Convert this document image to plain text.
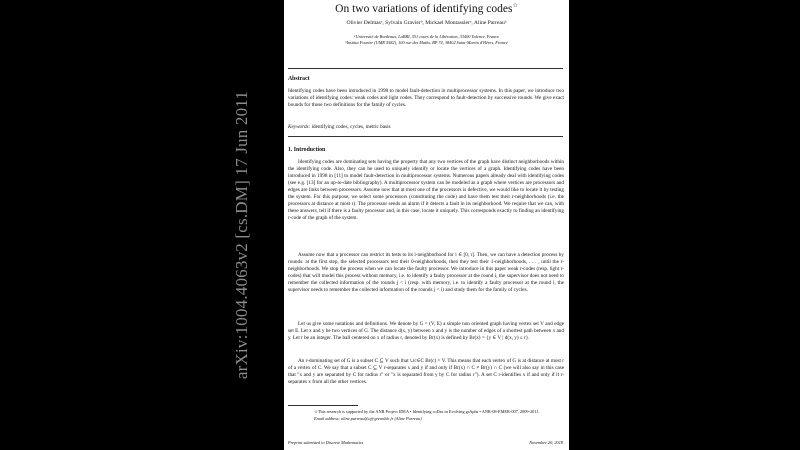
arXiv:1004.4063v2 [cs.DM] 17 Jun 2011
On two variations of identifying codes☆
Olivier Delmasᵃ, Sylvain Gravierᵇ, Mickael Montassierᵃ, Aline Parreauᵇ
ᵃUniversité de Bordeaux, LaBRI, 351 cours de la Libération, 33400 Talence, France
ᵇInstitut Fourier (UMR 5582), 100 rue des Maths, BP 74, 38402 Saint-Martin d'Hères, France
Abstract

Identifying codes have been introduced in 1998 to model fault-detection in multiprocessor systems. In this paper, we introduce two variations of identifying codes: weak codes and light codes. They correspond to fault-detection by successive rounds. We give exact bounds for those two definitions for the family of cycles.

Keywords: identifying codes, cycles, metric basis
1. Introduction

Identifying codes are dominating sets having the property that any two vertices of the graph have distinct neighborhoods within the identifying code. Also, they can be used to uniquely identify or locate the vertices of a graph. Identifying codes have been introduced in 1998 in [11] to model fault-detection in multiprocessor systems. Numerous papers already deal with identifying codes (see e.g. [13] for an up-to-date bibliography). A multiprocessor system can be modeled as a graph where vertices are processors and edges are links between processors. Assume now that at most one of the processors is defective, we would like to locate it by testing the system. For this purpose, we select some processors (constituting the code) and have them test their r-neighborhoods (i.e. the processors at distance at most r). The processor sends an alarm if it detects a fault in its neighborhood. We require that we can, with these answers, tell if there is a faulty processor and, in this case, locate it uniquely. This corresponds exactly to finding an identifying r-code of the graph of the system.

Assume now that a processor can restrict its tests to its i-neighborhood for i ∈ [0, r]. Then, we can have a detection process by rounds: at the first step, the selected processors test their 0-neighborhoods, then they test their 1-neighborhoods, . . . , until the r-neighborhoods. We stop the process when we can locate the faulty processor. We introduce in this paper weak r-codes (resp. light r-codes) that will model this process without memory, i.e. to identify a faulty processor at the round i, the supervisor does not need to remember the collected information of the rounds j < i (resp. with memory, i.e. to identify a faulty processor at the round i, the supervisor needs to remember the collected information of the rounds j < i) and study them for the family of cycles.

Let us give some notations and definitions. We denote by G = (V, E) a simple non oriented graph having vertex set V and edge set E. Let x and y be two vertices of G. The distance d(x, y) between x and y is the number of edges of a shortest path between x and y. Let r be an integer. The ball centered on x of radius r, denoted by Br(x) is defined by Br(x) = {y ∈ V | d(x, y) ≤ r}.

An r-dominating set of G is a subset C ⊆ V such that ∪c∈C Br(c) = V. This means that each vertex of G is at distance at most r of a vertex of C. We say that a subset C ⊆ V r-separates x and y if and only if Br(x) ∩ C ≠ Br(y) ∩ C (we will also say in this case that "x and y are separated by C for radius r" or "x is separated from y by C for radius r"). A set C r-identifies x if and only if it r-separates x from all the other vertices.

☆This research is supported by the ANR Project IDEA • Identifying coDes in Evolving grAphs • ANR-08-EMER-007, 2009-2011.
Email address: aline.parreau@ujf-grenoble.fr (Aline Parreau)
Preprint submitted to Discrete Mathematics	November 20, 2018
